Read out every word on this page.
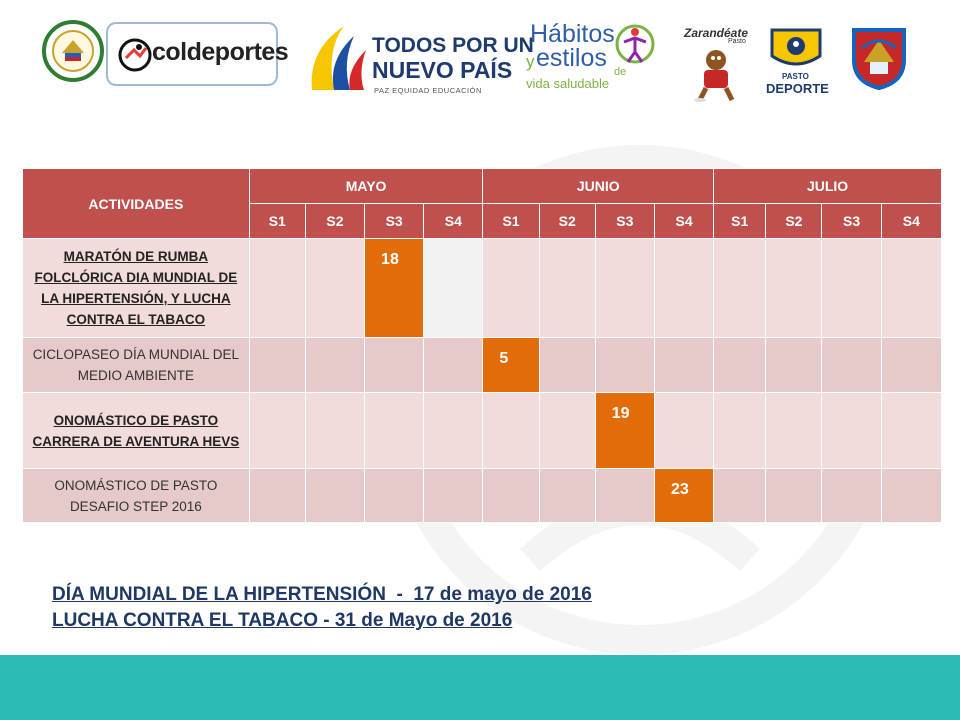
coldeportes	TODOS POR UN
NUEVO PAÍS
PAZ EQUIDAD EDUCACIÓN
Hábitos
y estilos de
vida saludable
Zarandéate
Pasto
PASTO
DEPORTE
ACTIVIDADES	MAYO				JUNIO				JULIO			
	S1	S2	S3	S4	S1	S2	S3	S4	S1	S2	S3	S4
MARATÓN DE RUMBA FOLCLÓRICA DIA MUNDIAL DE LA HIPERTENSIÓN, Y LUCHA CONTRA EL TABACO			18									
CICLOPASEO DÍA MUNDIAL DEL MEDIO AMBIENTE					5							
ONOMÁSTICO DE PASTO CARRERA DE AVENTURA HEVS							19					
ONOMÁSTICO DE PASTO DESAFIO STEP 2016								23				
DÍA MUNDIAL DE LA HIPERTENSIÓN  -  17 de mayo de 2016
LUCHA CONTRA EL TABACO - 31 de Mayo de 2016
